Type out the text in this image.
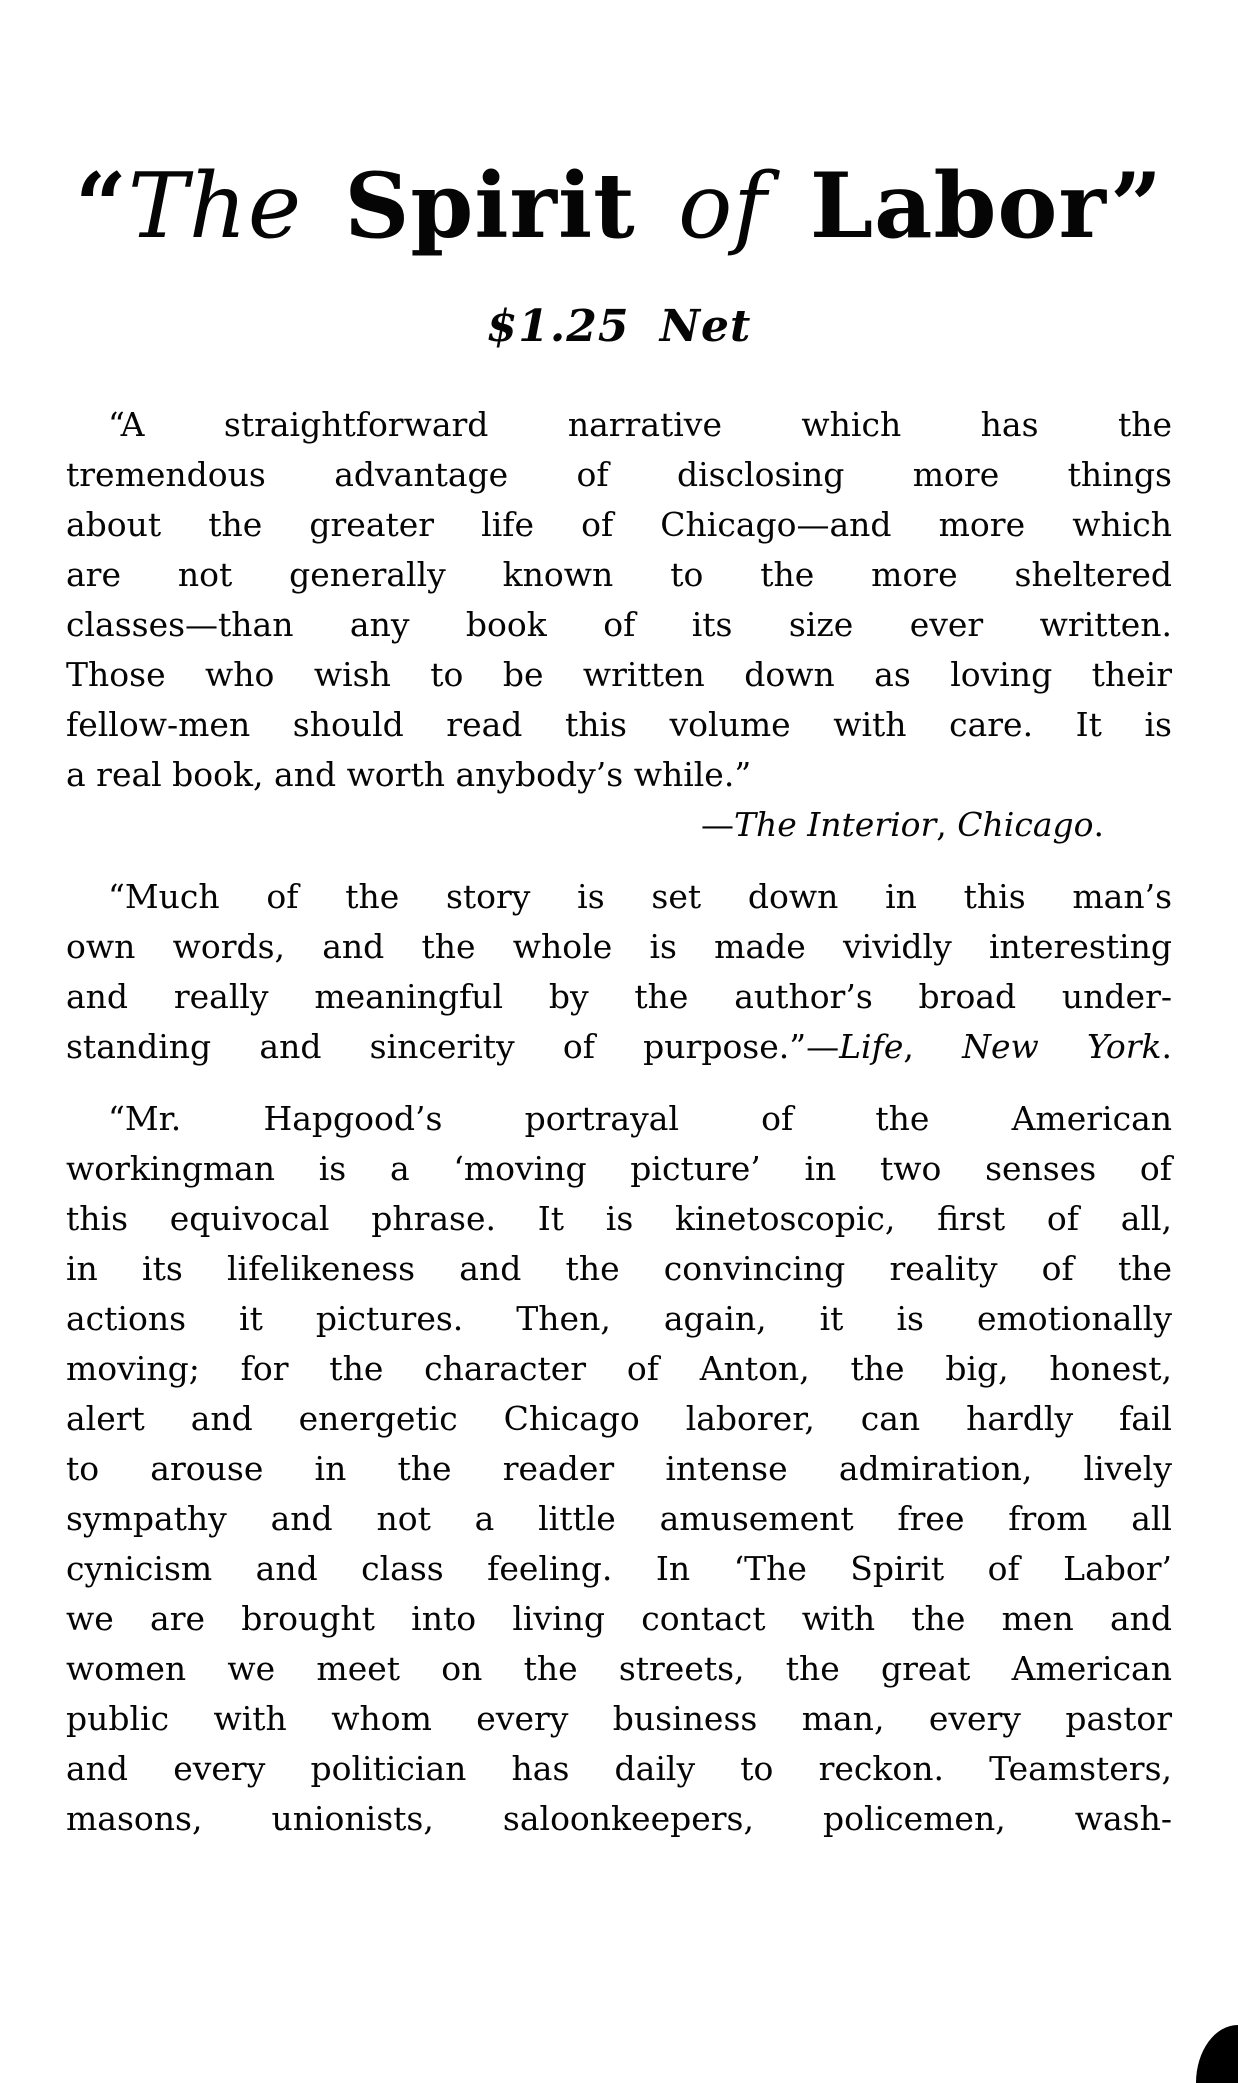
“The Spirit of Labor”
$1.25 Net
“A straightforward narrative which has the
tremendous advantage of disclosing more things
about the greater life of Chicago—and more which
are not generally known to the more sheltered
classes—than any book of its size ever written.
Those who wish to be written down as loving their
fellow-men should read this volume with care. It is
a real book, and worth anybody’s while.”
—The Interior, Chicago.
“Much of the story is set down in this man’s
own words, and the whole is made vividly interesting
and really meaningful by the author’s broad under-
standing and sincerity of purpose.”—Life, New York.
“Mr. Hapgood’s portrayal of the American
workingman is a ‘moving picture’ in two senses of
this equivocal phrase. It is kinetoscopic, first of all,
in its lifelikeness and the convincing reality of the
actions it pictures. Then, again, it is emotionally
moving; for the character of Anton, the big, honest,
alert and energetic Chicago laborer, can hardly fail
to arouse in the reader intense admiration, lively
sympathy and not a little amusement free from all
cynicism and class feeling. In ‘The Spirit of Labor’
we are brought into living contact with the men and
women we meet on the streets, the great American
public with whom every business man, every pastor
and every politician has daily to reckon. Teamsters,
masons, unionists, saloonkeepers, policemen, wash-
